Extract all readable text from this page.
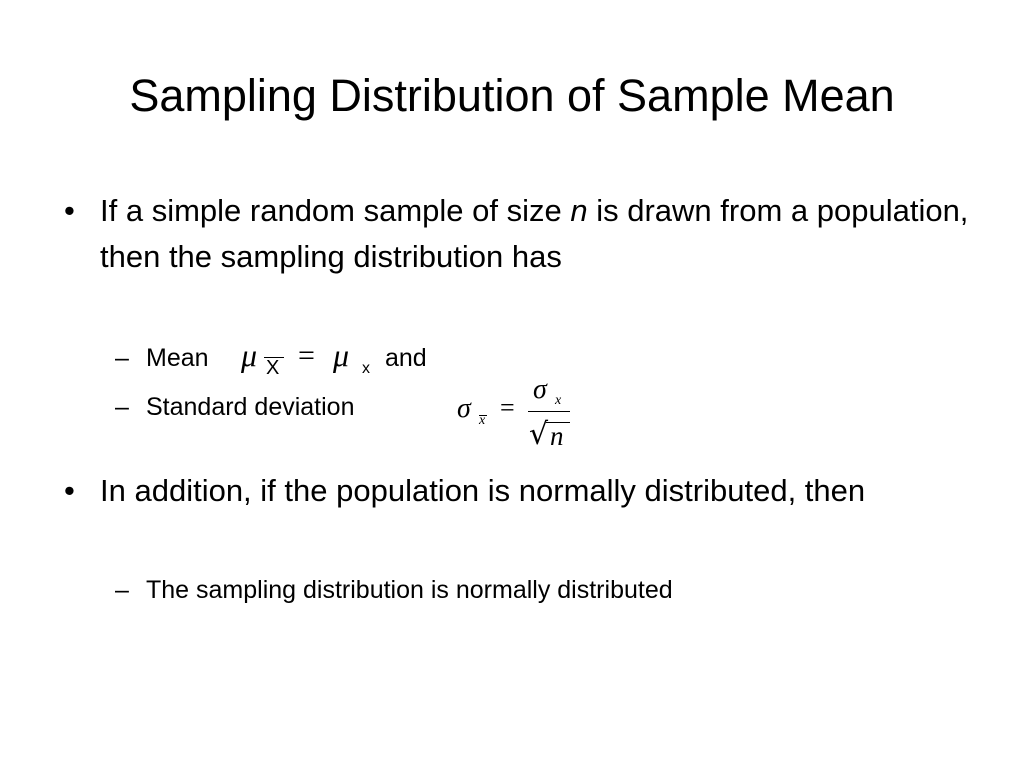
Sampling Distribution of Sample Mean
• If a simple random sample of size n is drawn from a population, then the sampling distribution has
– Mean μ X = μ x and
– Standard deviation	σ x =
σ x
√ n
• In addition, if the population is normally distributed, then
– The sampling distribution is normally distributed
